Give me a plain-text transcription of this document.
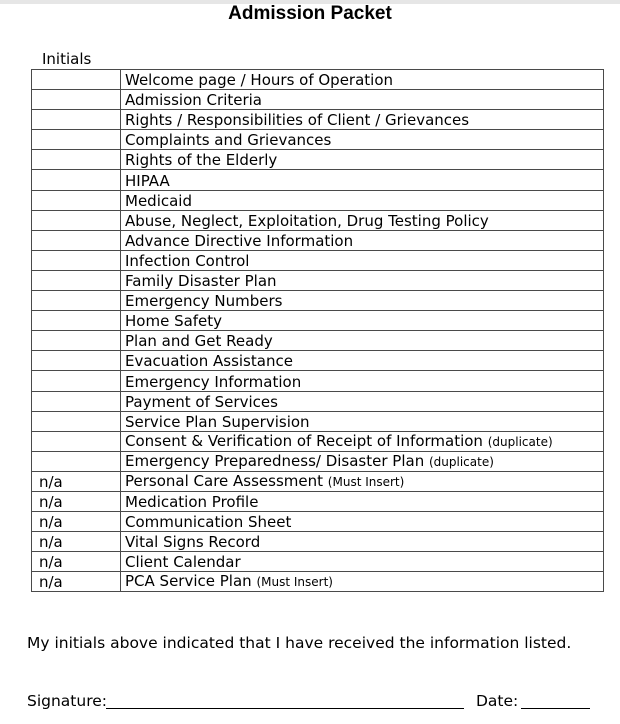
Admission Packet
Initials
	Welcome page / Hours of Operation
	Admission Criteria
	Rights / Responsibilities of Client / Grievances
	Complaints and Grievances
	Rights of the Elderly
	HIPAA
	Medicaid
	Abuse, Neglect, Exploitation, Drug Testing Policy
	Advance Directive Information
	Infection Control
	Family Disaster Plan
	Emergency Numbers
	Home Safety
	Plan and Get Ready
	Evacuation Assistance
	Emergency Information
	Payment of Services
	Service Plan Supervision
	Consent & Verification of Receipt of Information (duplicate)
	Emergency Preparedness/ Disaster Plan (duplicate)
n/a	Personal Care Assessment (Must Insert)
n/a	Medication Profile
n/a	Communication Sheet
n/a	Vital Signs Record
n/a	Client Calendar
n/a	PCA Service Plan (Must Insert)
My initials above indicated that I have received the information listed.
Signature:	Date:
